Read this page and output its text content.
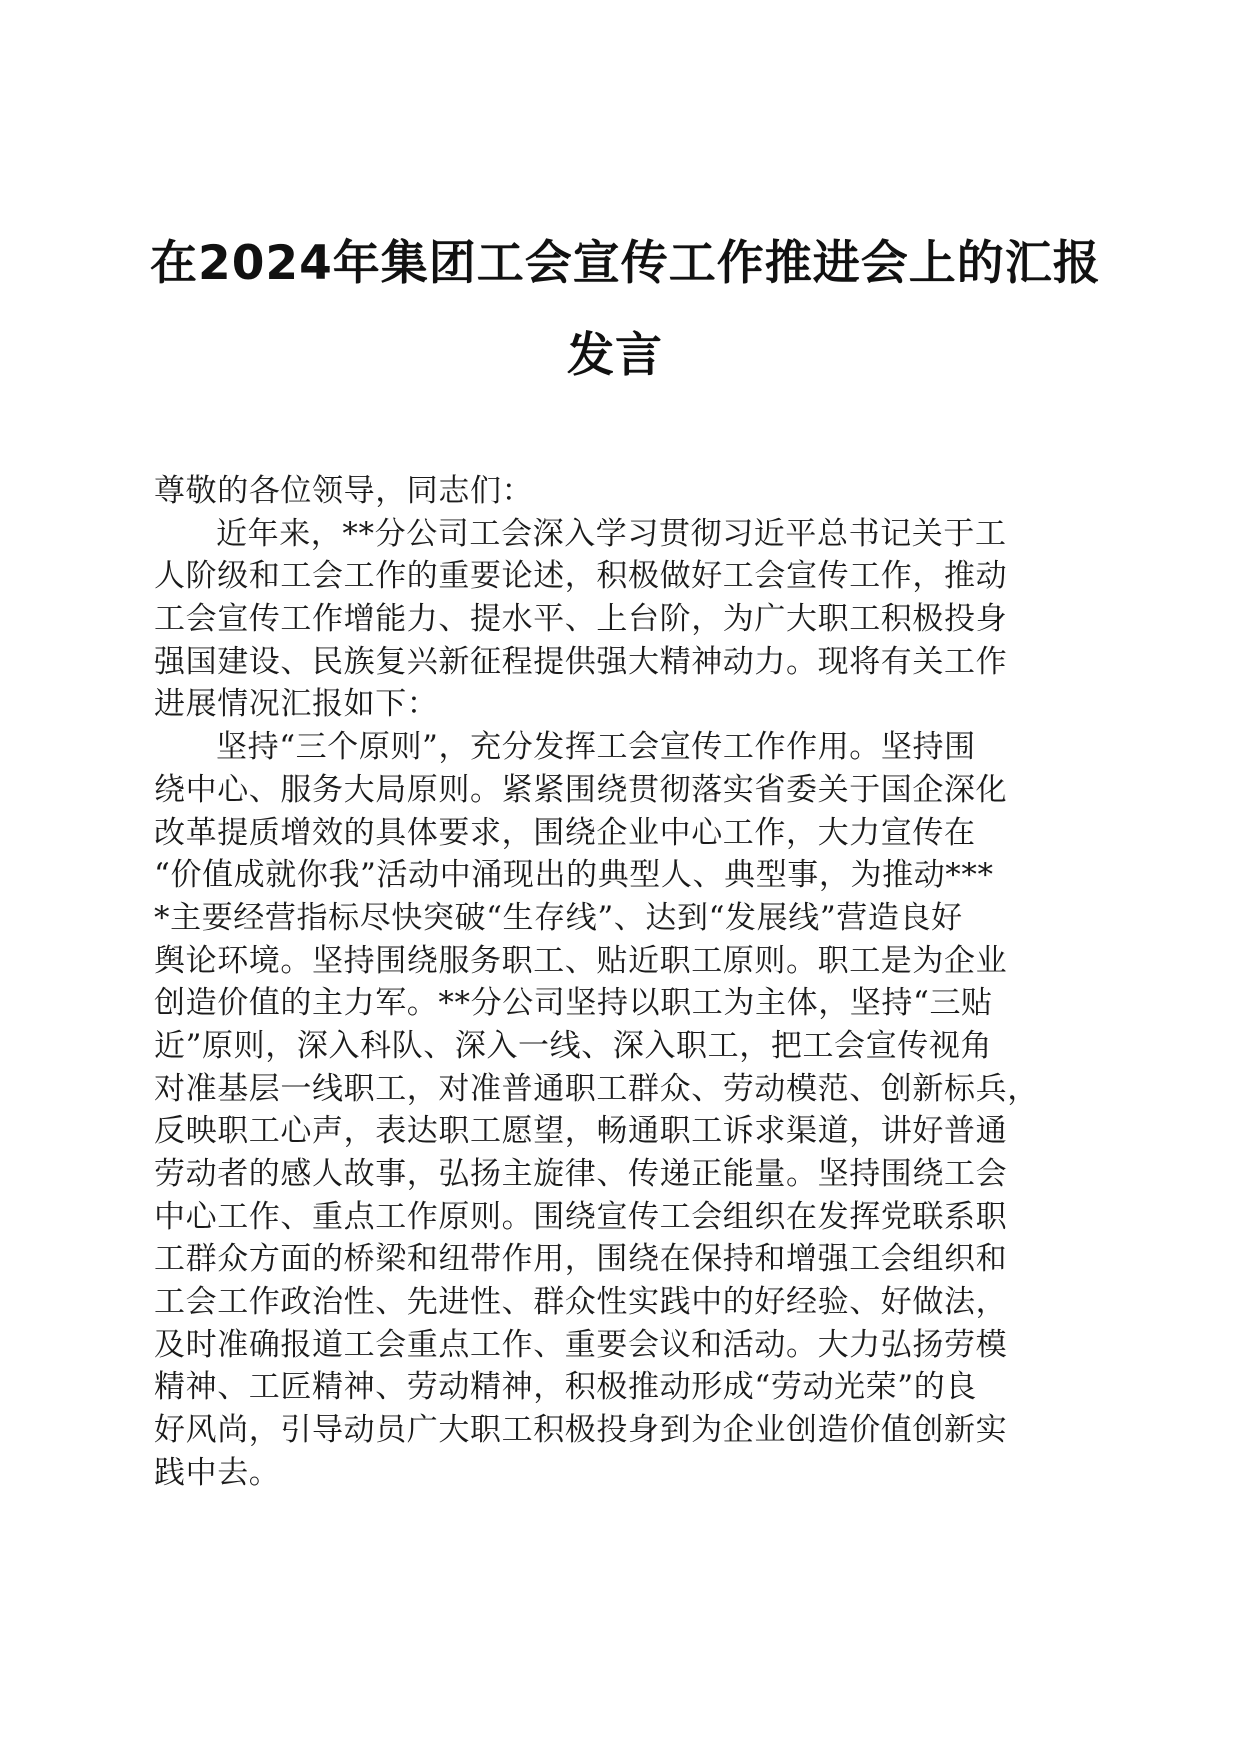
在2024年集团工会宣传工作推进会上的汇报
发言
尊敬的各位领导，同志们：
近年来，**分公司工会深入学习贯彻习近平总书记关于工
人阶级和工会工作的重要论述，积极做好工会宣传工作，推动
工会宣传工作增能力、提水平、上台阶，为广大职工积极投身
强国建设、民族复兴新征程提供强大精神动力。现将有关工作
进展情况汇报如下：
坚持“三个原则”，充分发挥工会宣传工作作用。坚持围
绕中心、服务大局原则。紧紧围绕贯彻落实省委关于国企深化
改革提质增效的具体要求，围绕企业中心工作，大力宣传在
“价值成就你我”活动中涌现出的典型人、典型事，为推动***
*主要经营指标尽快突破“生存线”、达到“发展线”营造良好
舆论环境。坚持围绕服务职工、贴近职工原则。职工是为企业
创造价值的主力军。**分公司坚持以职工为主体，坚持“三贴
近”原则，深入科队、深入一线、深入职工，把工会宣传视角
对准基层一线职工，对准普通职工群众、劳动模范、创新标兵，
反映职工心声，表达职工愿望，畅通职工诉求渠道，讲好普通
劳动者的感人故事，弘扬主旋律、传递正能量。坚持围绕工会
中心工作、重点工作原则。围绕宣传工会组织在发挥党联系职
工群众方面的桥梁和纽带作用，围绕在保持和增强工会组织和
工会工作政治性、先进性、群众性实践中的好经验、好做法，
及时准确报道工会重点工作、重要会议和活动。大力弘扬劳模
精神、工匠精神、劳动精神，积极推动形成“劳动光荣”的良
好风尚，引导动员广大职工积极投身到为企业创造价值创新实
践中去。
